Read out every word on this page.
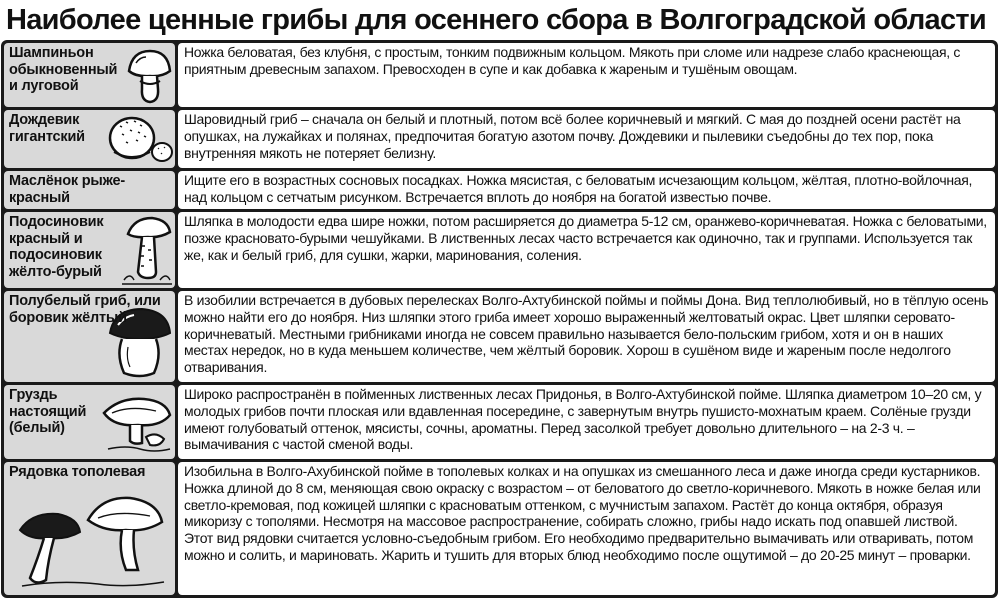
Наиболее ценные грибы для осеннего сбора в Волгоградской области
Шампиньон обыкновенный и луговой
Ножка беловатая, без клубня, с простым, тонким подвижным кольцом. Мякоть при сломе или надрезе слабо краснеющая, с приятным древесным запахом. Превосходен в супе и как добавка к жареным и тушёным овощам.
Дождевик гигантский
Шаровидный гриб – сначала он белый и плотный, потом всё более коричневый и мягкий. С мая до поздней осени растёт на опушках, на лужайках и полянах, предпочитая богатую азотом почву. Дождевики и пылевики съедобны до тех пор, пока внутренняя мякоть не потеряет белизну.
Маслёнок рыже-красный
Ищите его в возрастных сосновых посадках. Ножка мясистая, с беловатым исчезающим кольцом, жёлтая, плотно-войлочная, над кольцом с сетчатым рисунком. Встречается вплоть до ноября на богатой известью почве.
Подосиновик красный и подосиновик жёлто-бурый
Шляпка в молодости едва шире ножки, потом расширяется до диаметра 5-12 см, оранжево-коричневатая. Ножка с беловатыми, позже красновато-бурыми чешуйками. В лиственных лесах часто встречается как одиночно, так и группами. Используется так же, как и белый гриб, для сушки, жарки, маринования, соления.
Полубелый гриб, или боровик жёлтый
В изобилии встречается в дубовых перелесках Волго-Ахтубинской поймы и поймы Дона. Вид теплолюбивый, но в тёплую осень можно найти его до ноября. Низ шляпки этого гриба имеет хорошо выраженный желтоватый окрас. Цвет шляпки серовато-коричневатый. Местными грибниками иногда не совсем правильно называется бело-польским грибом, хотя и он в наших местах нередок, но в куда меньшем количестве, чем жёлтый боровик. Хорош в сушёном виде и жареным после недолгого отваривания.
Груздь настоящий (белый)
Широко распространён в пойменных лиственных лесах Придонья, в Волго-Ахтубинской пойме. Шляпка диаметром 10–20 см, у молодых грибов почти плоская или вдавленная посередине, с завернутым внутрь пушисто-мохнатым краем. Солёные грузди имеют голубоватый оттенок, мясисты, сочны, ароматны. Перед засолкой требует довольно длительного – на 2-3 ч. – вымачивания с частой сменой воды.
Рядовка тополевая	Изобильна в Волго-Ахубинской пойме в тополевых колках и на опушках из смешанного леса и даже иногда среди кустарников. Ножка длиной до 8 см, меняющая свою окраску с возрастом – от беловатого до светло-коричневого. Мякоть в ножке белая или светло-кремовая, под кожицей шляпки с красноватым оттенком, с мучнистым запахом. Растёт до конца октября, образуя микоризу с тополями. Несмотря на массовое распространение, собирать сложно, грибы надо искать под опавшей листвой. Этот вид рядовки считается условно-съедобным грибом. Его необходимо предварительно вымачивать или отваривать, потом можно и солить, и мариновать. Жарить и тушить для вторых блюд необходимо после ощутимой – до 20-25 минут – проварки.
